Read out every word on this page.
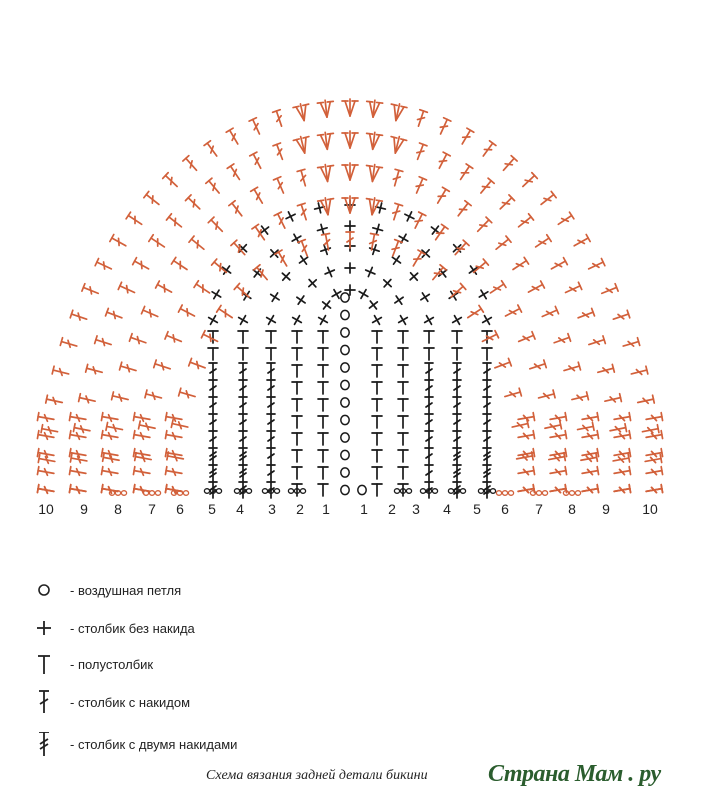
10 9 8 7 6 5 4 3 2 1 1 2 3 4 5 6 7 8 9 10
- воздушная петля
- столбик без накида
- полустолбик
- столбик с накидом
- столбик с двумя накидами
Схема вязания задней детали бикини	Страна Мам . ру
